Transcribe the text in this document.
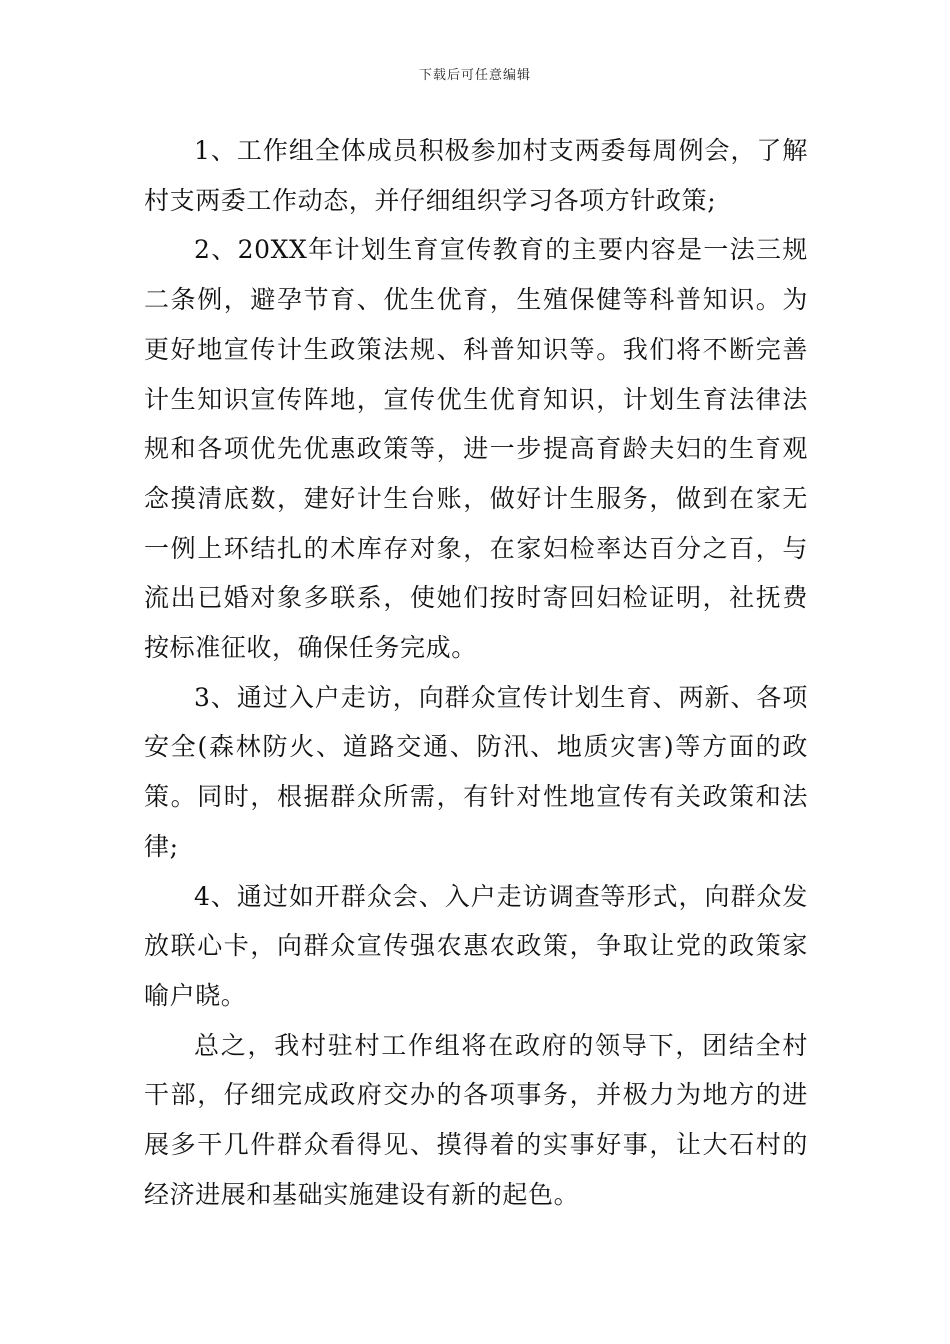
下载后可任意编辑

1、工作组全体成员积极参加村支两委每周例会，了解村支两委工作动态，并仔细组织学习各项方针政策;

2、20XX年计划生育宣传教育的主要内容是一法三规二条例，避孕节育、优生优育，生殖保健等科普知识。为更好地宣传计生政策法规、科普知识等。我们将不断完善计生知识宣传阵地，宣传优生优育知识，计划生育法律法规和各项优先优惠政策等，进一步提高育龄夫妇的生育观念摸清底数，建好计生台账，做好计生服务，做到在家无一例上环结扎的术库存对象，在家妇检率达百分之百，与流出已婚对象多联系，使她们按时寄回妇检证明，社抚费按标准征收，确保任务完成。

3、通过入户走访，向群众宣传计划生育、两新、各项安全(森林防火、道路交通、防汛、地质灾害)等方面的政策。同时，根据群众所需，有针对性地宣传有关政策和法律;

4、通过如开群众会、入户走访调查等形式，向群众发放联心卡，向群众宣传强农惠农政策，争取让党的政策家喻户晓。

总之，我村驻村工作组将在政府的领导下，团结全村干部，仔细完成政府交办的各项事务，并极力为地方的进展多干几件群众看得见、摸得着的实事好事，让大石村的经济进展和基础实施建设有新的起色。
